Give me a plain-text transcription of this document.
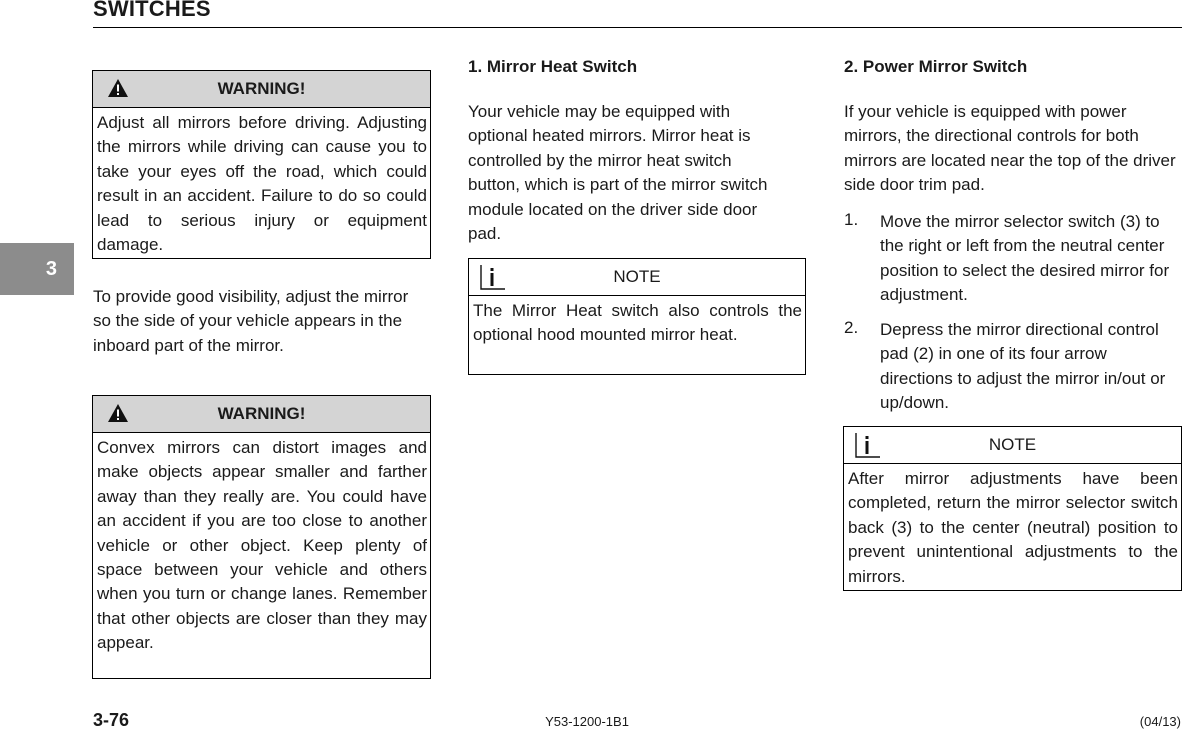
SWITCHES
3
WARNING!
Adjust all mirrors before driving. Adjusting the mirrors while driving can cause you to take your eyes off the road, which could result in an accident. Failure to do so could lead to serious injury or equipment damage.
To provide good visibility, adjust the mirror so the side of your vehicle appears in the inboard part of the mirror.
WARNING!
Convex mirrors can distort images and make objects appear smaller and farther away than they really are. You could have an accident if you are too close to another vehicle or other object. Keep plenty of space between your vehicle and others when you turn or change lanes. Remember that other objects are closer than they may appear.
1. Mirror Heat Switch
Your vehicle may be equipped with optional heated mirrors. Mirror heat is controlled by the mirror heat switch button, which is part of the mirror switch module located on the driver side door pad.
NOTE
The Mirror Heat switch also controls the optional hood mounted mirror heat.
2. Power Mirror Switch
If your vehicle is equipped with power mirrors, the directional controls for both mirrors are located near the top of the driver side door trim pad.
1. Move the mirror selector switch (3) to the right or left from the neutral center position to select the desired mirror for adjustment.
2. Depress the mirror directional control pad (2) in one of its four arrow directions to adjust the mirror in/out or up/down.
NOTE
After mirror adjustments have been completed, return the mirror selector switch back (3) to the center (neutral) position to prevent unintentional adjustments to the mirrors.
3-76	Y53-1200-1B1	(04/13)
